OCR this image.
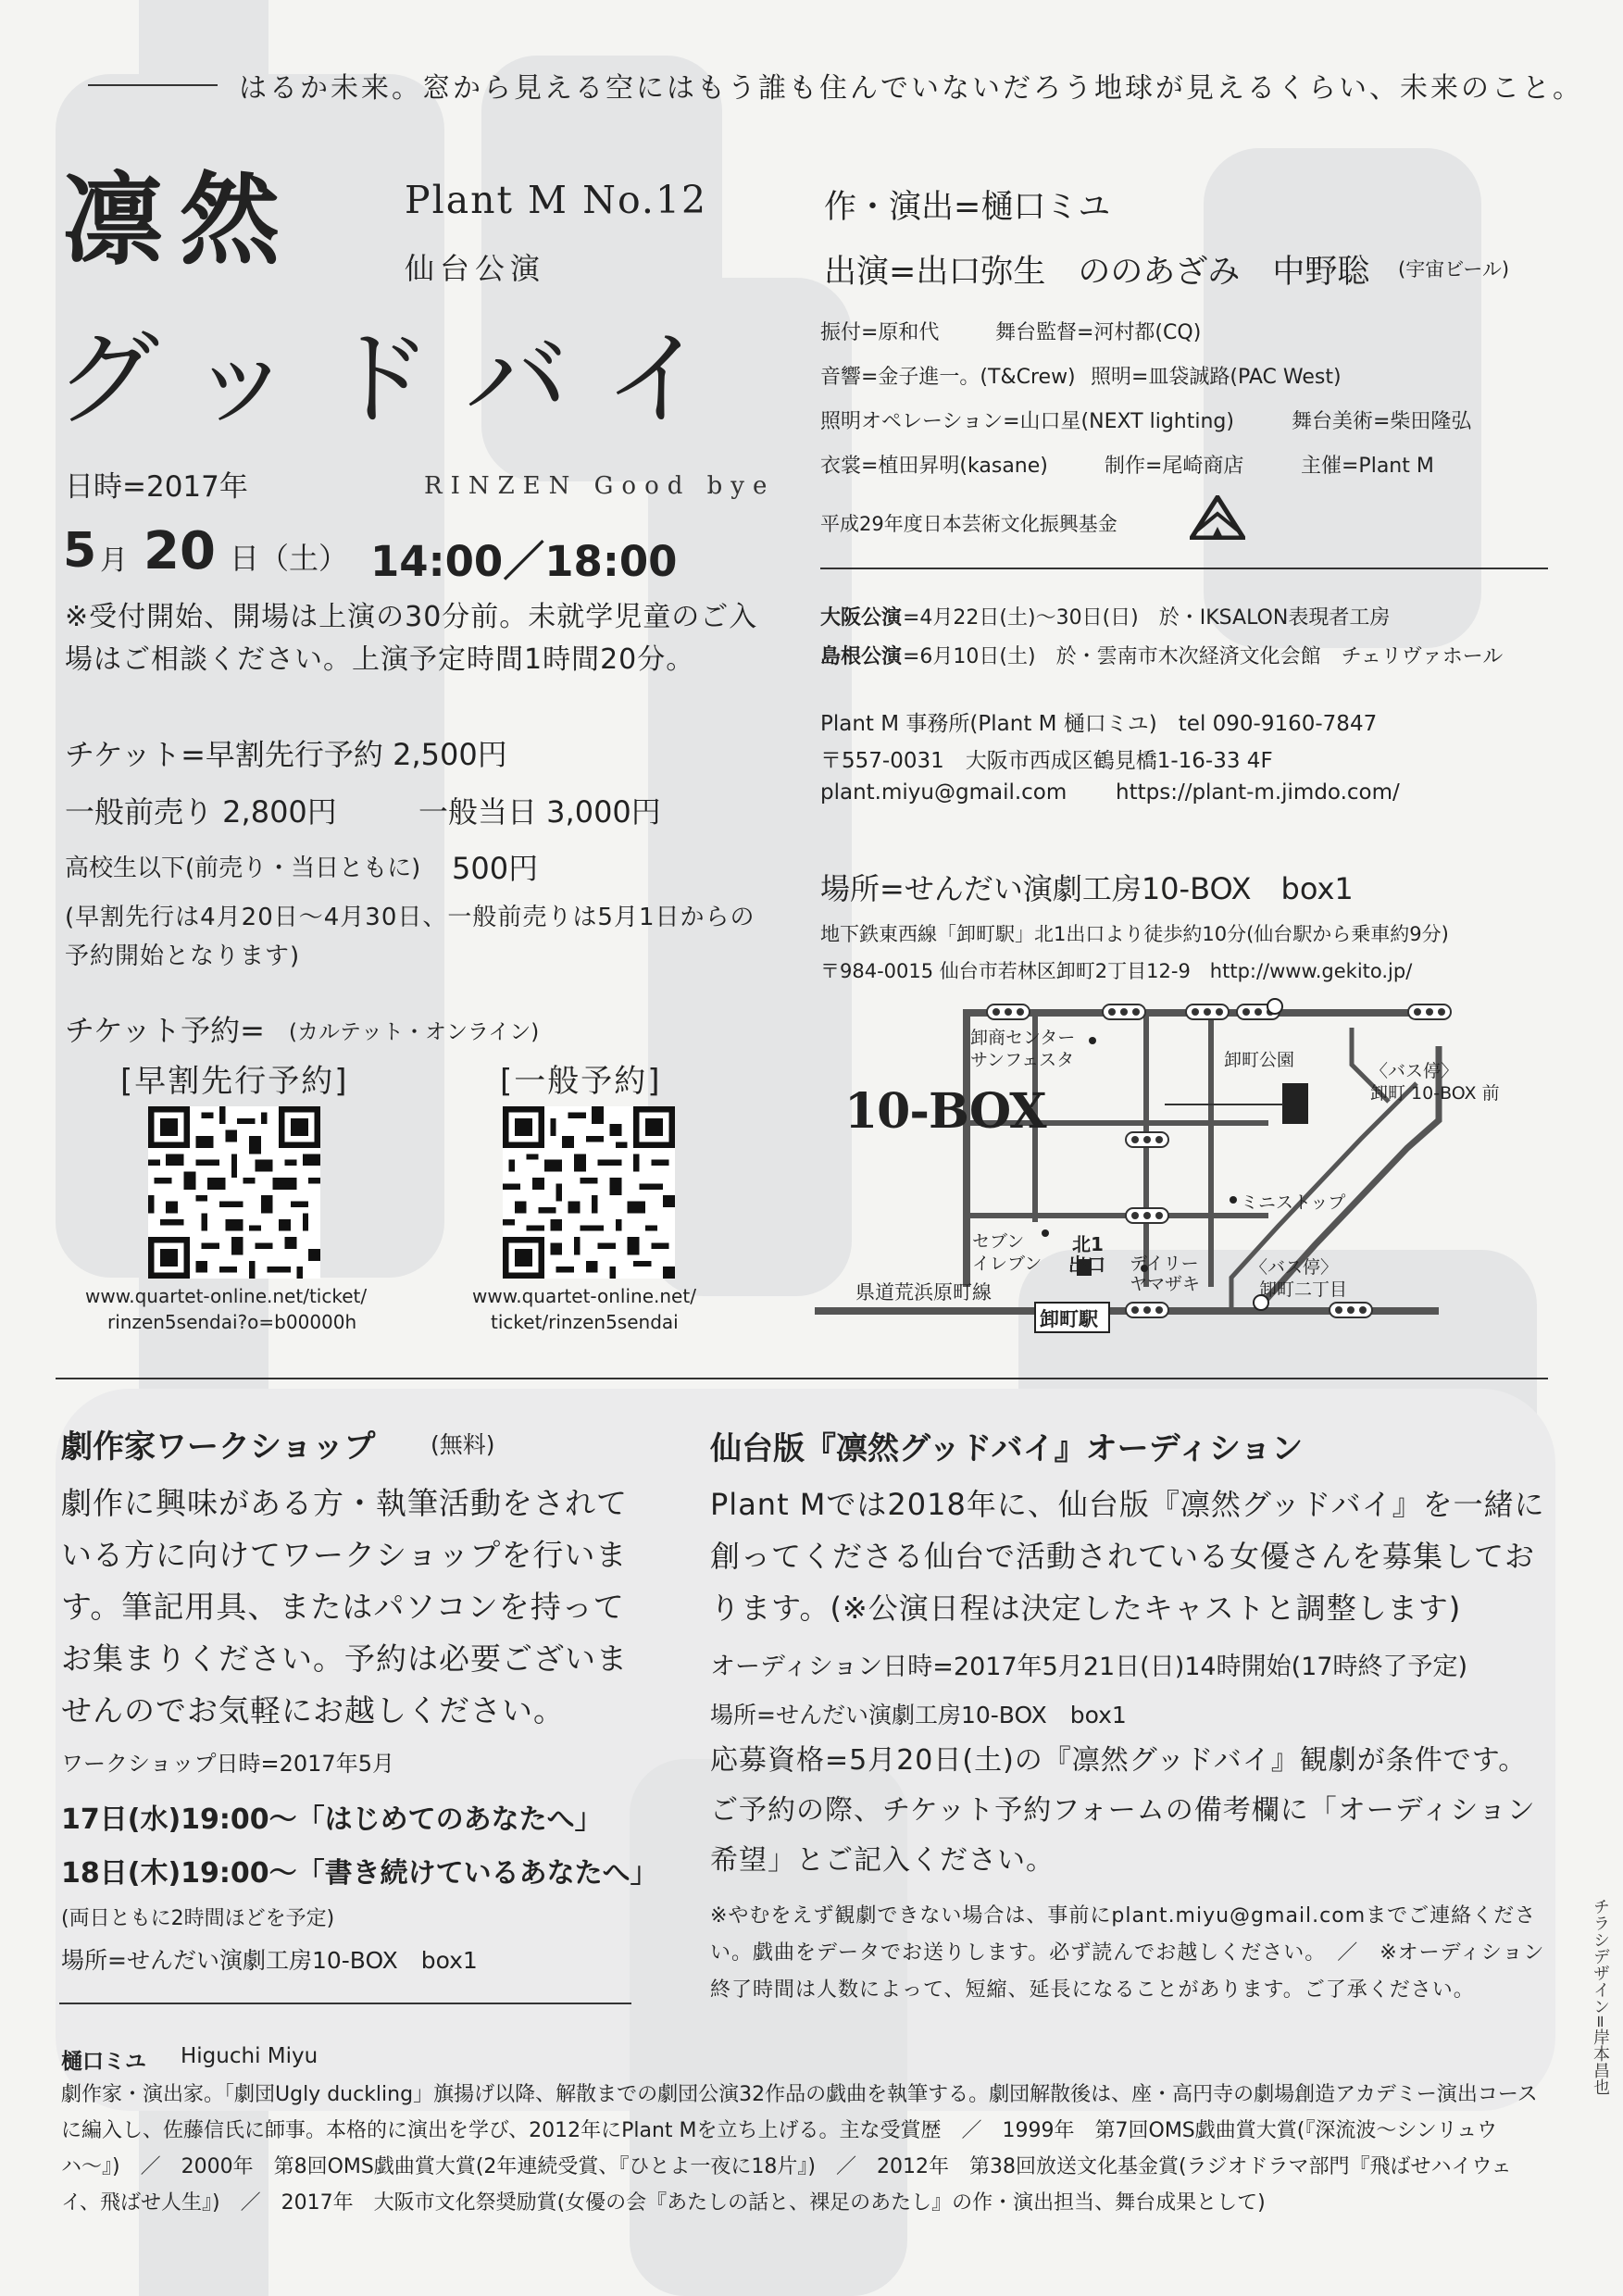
はるか未来。窓から見える空にはもう誰も住んでいないだろう地球が見えるくらい、未来のこと。
凛然	Plant M No.12
仙台公演
グッドバイ
RINZEN Good bye
日時=2017年
5 月 20 日（土） 14:00／18:00
※受付開始、開場は上演の30分前。未就学児童のご入場はご相談ください。上演予定時間1時間20分。
チケット=早割先行予約 2,500円
一般前売り 2,800円	一般当日 3,000円
高校生以下(前売り・当日ともに) 500円
(早割先行は4月20日〜4月30日、一般前売りは5月1日からの予約開始となります)
チケット予約= (カルテット・オンライン)
[早割先行予約]	[一般予約]
www.quartet-online.net/ticket/
rinzen5sendai?o=b00000h
www.quartet-online.net/
ticket/rinzen5sendai
作・演出=樋口ミユ
出演=出口弥生　ののあざみ　中野聡 (宇宙ビール)
振付=原和代	舞台監督=河村都(CQ)
音響=金子進一。(T&Crew) 照明=皿袋誠路(PAC West)
照明オペレーション=山口星(NEXT lighting)	舞台美術=柴田隆弘
衣裳=植田昇明(kasane)	制作=尾崎商店	主催=Plant M
平成29年度日本芸術文化振興基金
大阪公演 =4月22日(土)〜30日(日)　於・IKSALON表現者工房
島根公演 =6月10日(土)　於・雲南市木次経済文化会館　チェリヴァホール
Plant M 事務所(Plant M 樋口ミユ)　tel 090-9160-7847
〒557-0031　大阪市西成区鶴見橋1-16-33 4F
plant.miyu@gmail.com https://plant-m.jimdo.com/
場所=せんだい演劇工房10-BOX　box1
地下鉄東西線「卸町駅」北1出口より徒歩約10分(仙台駅から乗車約9分)
〒984-0015 仙台市若林区卸町2丁目12-9　http://www.gekito.jp/
10-BOX
卸町駅
卸商センター
サンフェスタ	卸町公園
〈バス停〉
卸町 10-BOX 前
ミニストップ
セブン
イレブン
北1
出口 デイリー
ヤマザキ
〈バス停〉
卸町二丁目
県道荒浜原町線
劇作家ワークショップ (無料)
劇作に興味がある方・執筆活動をされている方に向けてワークショップを行います。筆記用具、またはパソコンを持ってお集まりください。予約は必要ございませんのでお気軽にお越しください。
ワークショップ日時=2017年5月
17日(水)19:00〜「はじめてのあなたへ」
18日(木)19:00〜「書き続けているあなたへ」
(両日ともに2時間ほどを予定)
場所=せんだい演劇工房10-BOX　box1
仙台版『凛然グッドバイ』オーディション
Plant Mでは2018年に、仙台版『凛然グッドバイ』を一緒に創ってくださる仙台で活動されている女優さんを募集しております。(※公演日程は決定したキャストと調整します)
オーディション日時=2017年5月21日(日)14時開始(17時終了予定)
場所=せんだい演劇工房10-BOX　box1
応募資格=5月20日(土)の『凛然グッドバイ』観劇が条件です。ご予約の際、チケット予約フォームの備考欄に「オーディション希望」とご記入ください。
※やむをえず観劇できない場合は、事前にplant.miyu@gmail.comまでご連絡ください。戯曲をデータでお送りします。必ず読んでお越しください。　／　※オーディション終了時間は人数によって、短縮、延長になることがあります。ご了承ください。
樋口ミユ Higuchi Miyu
劇作家・演出家。「劇団Ugly duckling」旗揚げ以降、解散までの劇団公演32作品の戯曲を執筆する。劇団解散後は、座・高円寺の劇場創造アカデミー演出コースに編入し、佐藤信氏に師事。本格的に演出を学び、2012年にPlant Mを立ち上げる。主な受賞歴　／　1999年　第7回OMS戯曲賞大賞(『深流波〜シンリュウハ〜』)　／　2000年　第8回OMS戯曲賞大賞(2年連続受賞、『ひとよ一夜に18片』)　／　2012年　第38回放送文化基金賞(ラジオドラマ部門『飛ばせハイウェイ、飛ばせ人生』)　／　2017年　大阪市文化祭奨励賞(女優の会『あたしの話と、裸足のあたし』の作・演出担当、舞台成果として)
チラシデザイン=岸本昌也
